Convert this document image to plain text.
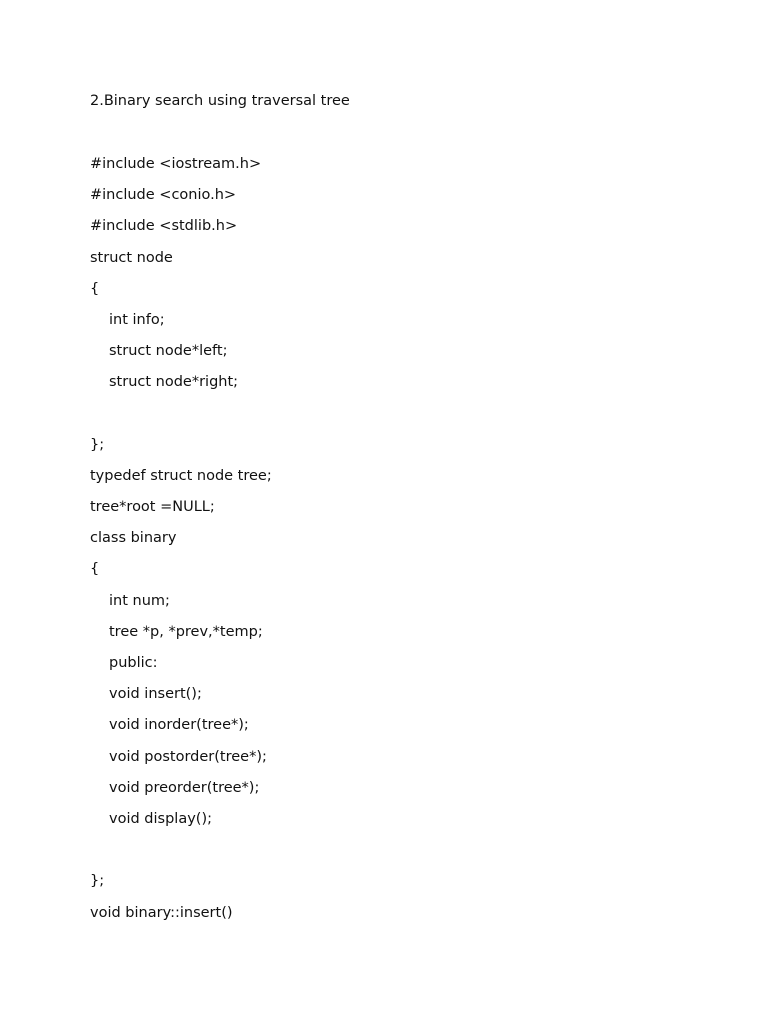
2.Binary search using traversal tree
#include <iostream.h>
#include <conio.h>
#include <stdlib.h>
struct node
{
int info;
struct node*left;
struct node*right;
};
typedef struct node tree;
tree*root =NULL;
class binary
{
int num;
tree *p, *prev,*temp;
public:
void insert();
void inorder(tree*);
void postorder(tree*);
void preorder(tree*);
void display();
};
void binary::insert()
